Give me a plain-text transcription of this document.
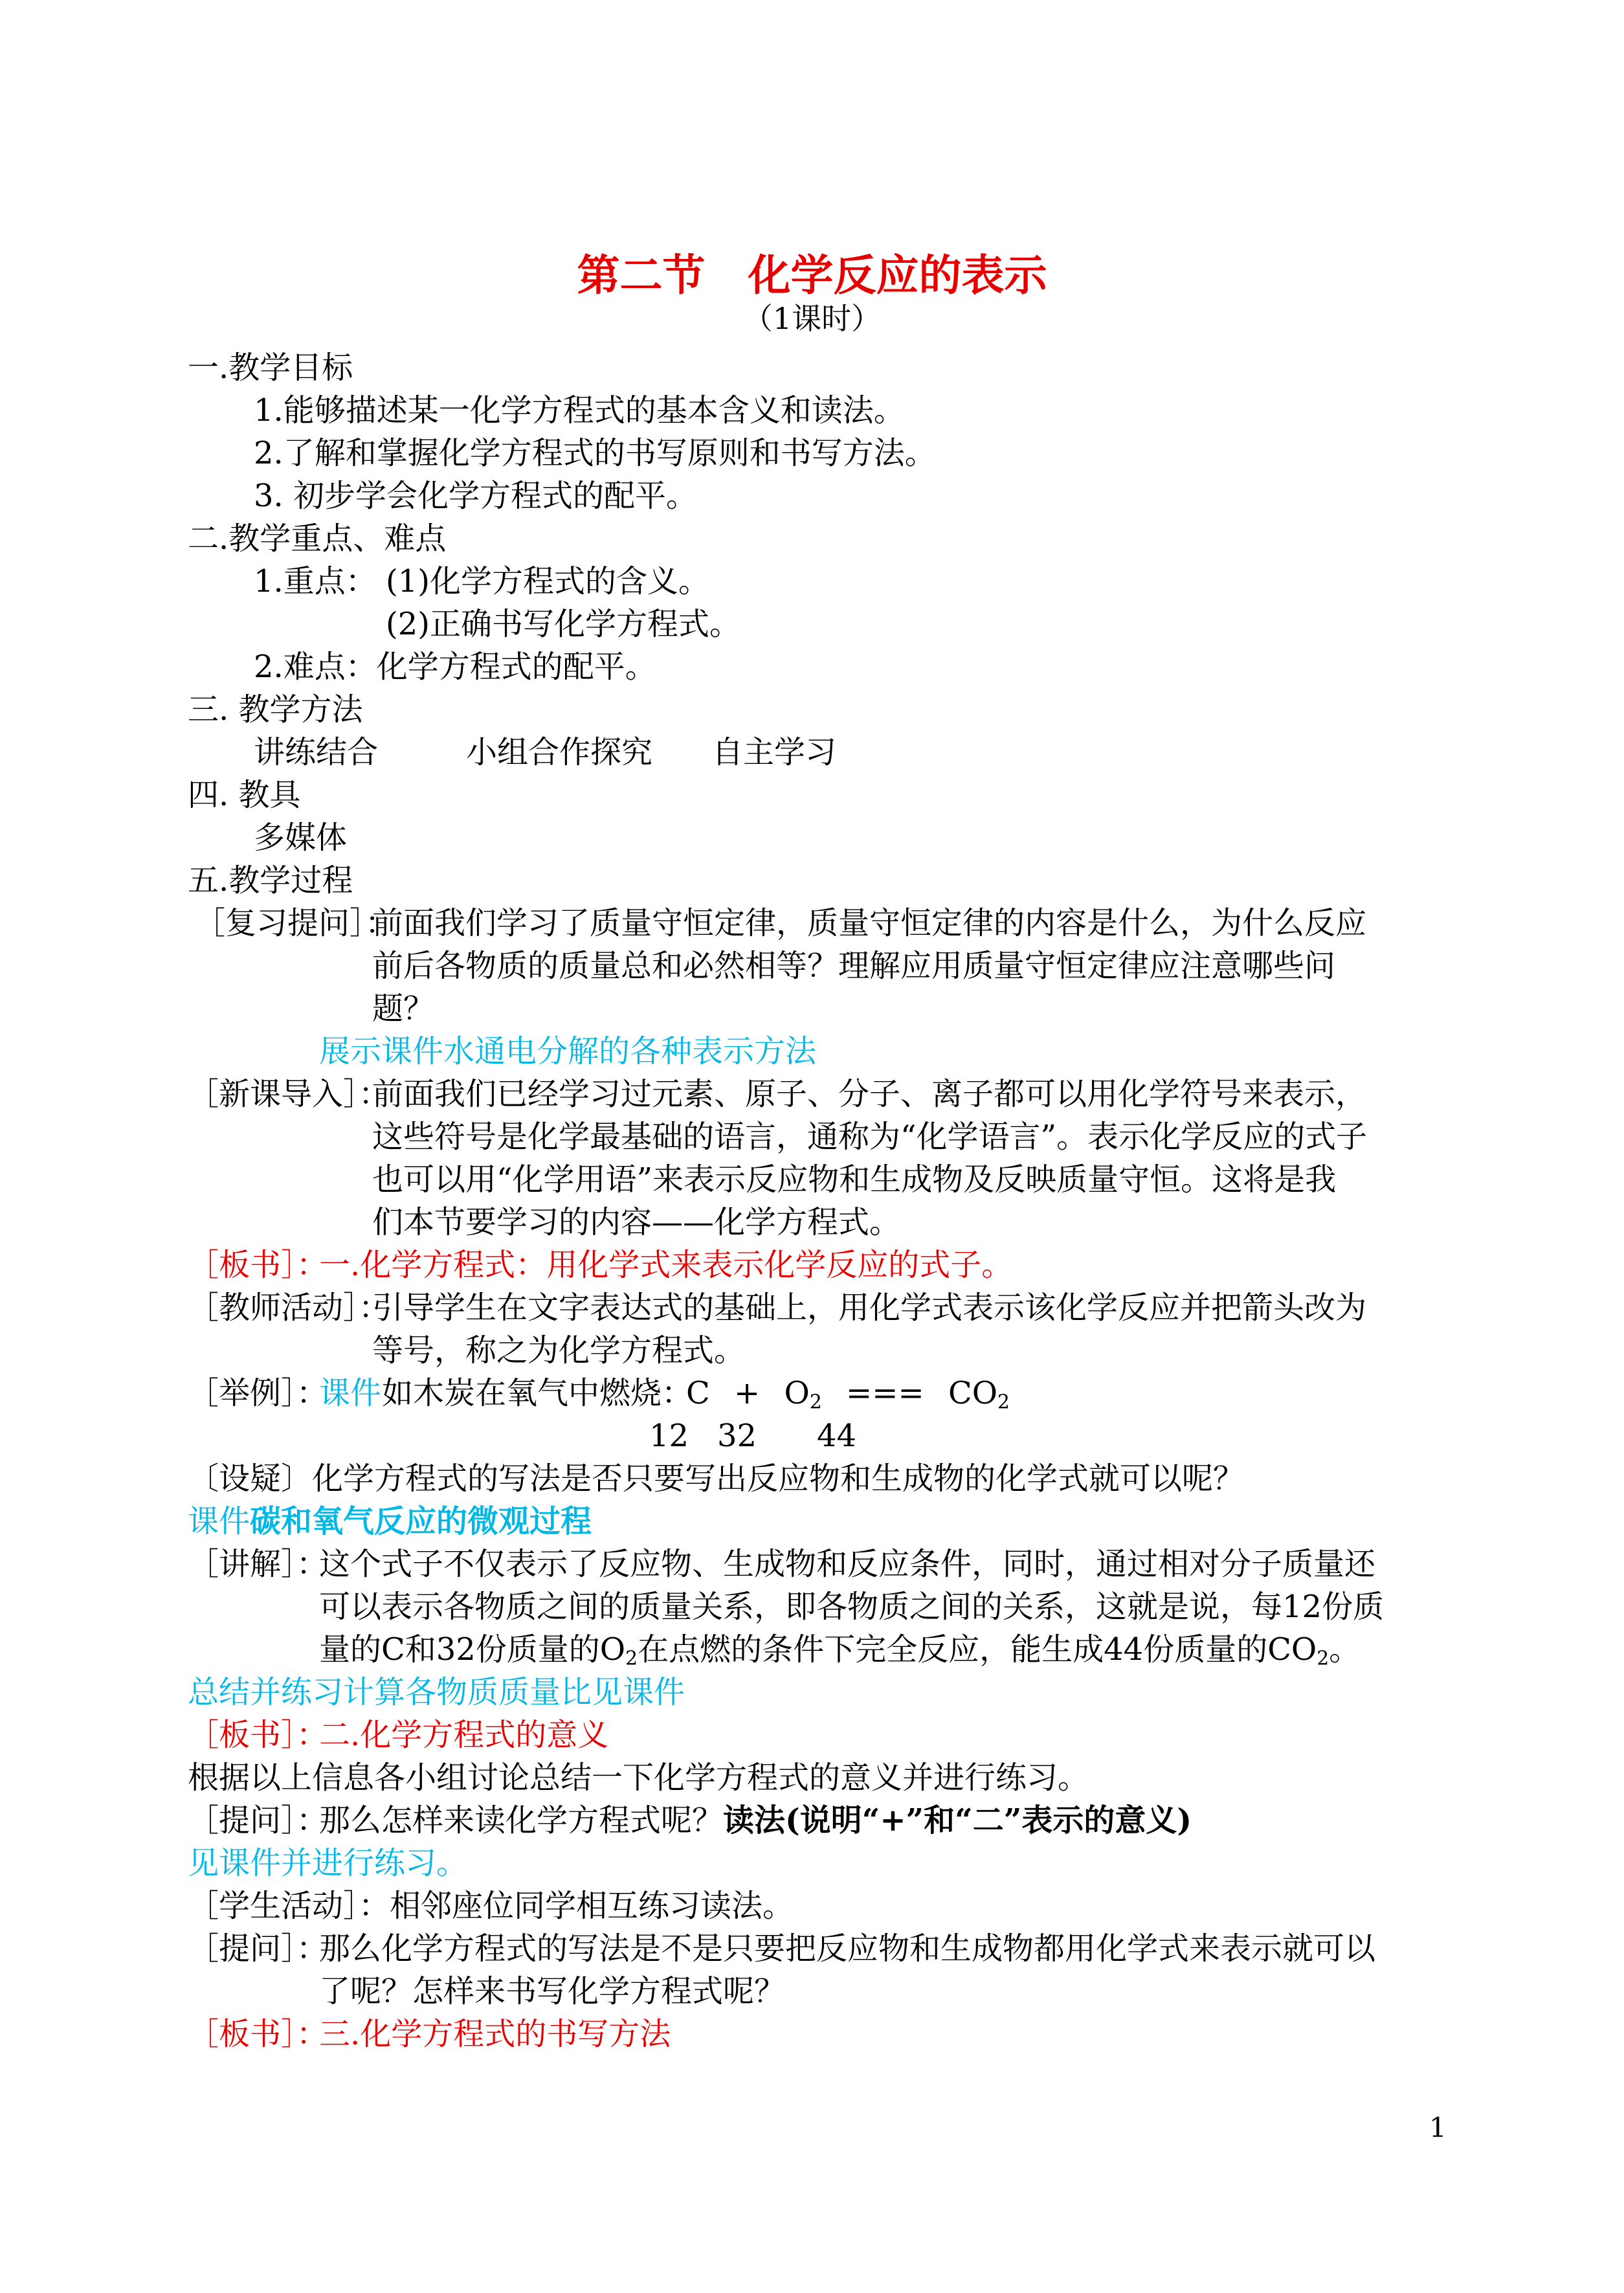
第二节　化学反应的表示
（1课时）
一.教学目标
1.能够描述某一化学方程式的基本含义和读法。
2.了解和掌握化学方程式的书写原则和书写方法。
3. 初步学会化学方程式的配平。
二.教学重点、难点
1.重点： (1)化学方程式的含义。
(2)正确书写化学方程式。
2.难点：化学方程式的配平。
三. 教学方法
讲练结合	小组合作探究 自主学习
四. 教具
多媒体
五.教学过程
［复习提问］：
前面我们学习了质量守恒定律，质量守恒定律的内容是什么，为什么反应
前后各物质的质量总和必然相等？理解应用质量守恒定律应注意哪些问
题？
展示课件水通电分解的各种表示方法
［新课导入］：
前面我们已经学习过元素、原子、分子、离子都可以用化学符号来表示，
这些符号是化学最基础的语言，通称为“化学语言”。表示化学反应的式子
也可以用“化学用语”来表示反应物和生成物及反映质量守恒。这将是我
们本节要学习的内容——化学方程式。
［板书］：
一.化学方程式：用化学式来表示化学反应的式子。
［教师活动］：
引导学生在文字表达式的基础上，用化学式表示该化学反应并把箭头改为
等号，称之为化学方程式。
［举例］：
课件 如木炭在氧气中燃烧：
$C + O_2$ === $CO_2$
12 32 44
〔设疑〕化学方程式的写法是否只要写出反应物和生成物的化学式就可以呢？
课件碳和氧气反应的微观过程
［讲解］：
这个式子不仅表示了反应物、生成物和反应条件，同时，通过相对分子质量还
可以表示各物质之间的质量关系，即各物质之间的关系，这就是说，每12份质
量的C和32份质量的$O_2$在点燃的条件下完全反应，能生成44份质量的$CO_2$。
总结并练习计算各物质质量比见课件
［板书］：
二.化学方程式的意义
根据以上信息各小组讨论总结一下化学方程式的意义并进行练习。
［提问］：
那么怎样来读化学方程式呢？读法(说明“+”和“二”表示的意义)
见课件并进行练习。
［学生活动］：相邻座位同学相互练习读法。
［提问］：
那么化学方程式的写法是不是只要把反应物和生成物都用化学式来表示就可以
了呢？怎样来书写化学方程式呢？
［板书］：
三.化学方程式的书写方法
1
